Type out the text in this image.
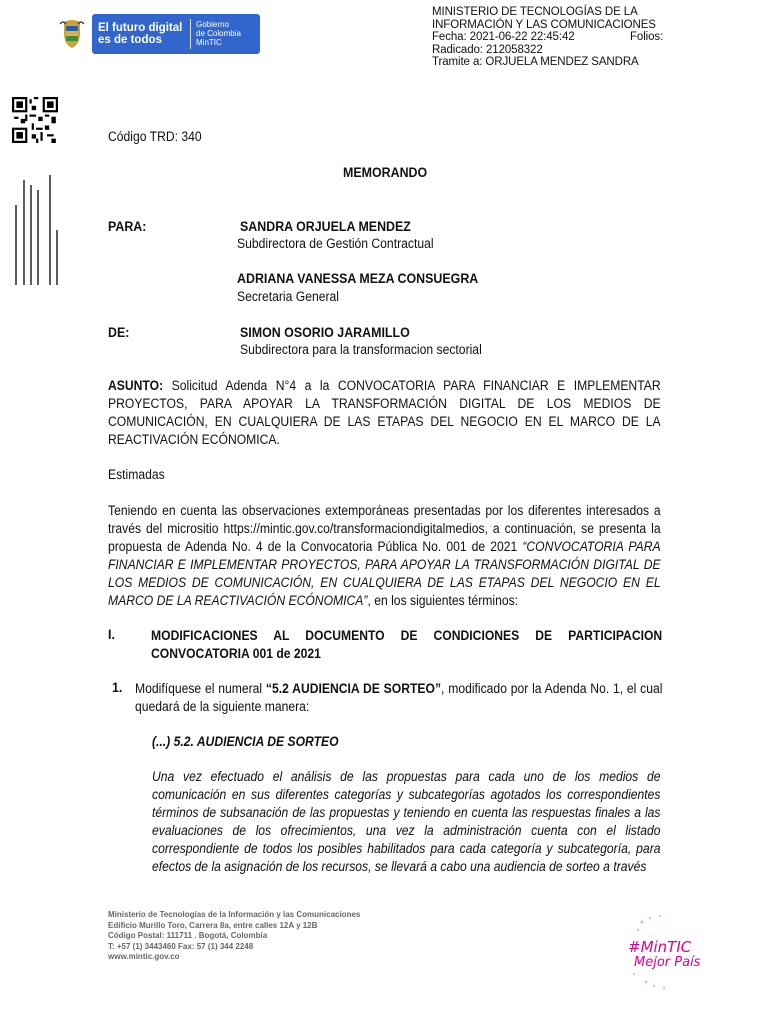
El futuro digital
es de todos
Gobierno
de Colombia
MinTIC
MINISTERIO DE TECNOLOGÍAS DE LA
INFORMACIÓN Y LAS COMUNICACIONES
Fecha: 2021-06-22 22:45:42	Folios:
Radicado: 212058322
Tramite a: ORJUELA MENDEZ SANDRA
Código TRD: 340
MEMORANDO
PARA:	SANDRA ORJUELA MENDEZ
Subdirectora de Gestión Contractual
ADRIANA VANESSA MEZA CONSUEGRA
Secretaria General
DE:	SIMON OSORIO JARAMILLO
Subdirectora para la transformacion sectorial
ASUNTO: Solicitud Adenda N°4 a la CONVOCATORIA PARA FINANCIAR E IMPLEMENTAR PROYECTOS, PARA APOYAR LA TRANSFORMACIÓN DIGITAL DE LOS MEDIOS DE COMUNICACIÓN, EN CUALQUIERA DE LAS ETAPAS DEL NEGOCIO EN EL MARCO DE LA REACTIVACIÓN ECÓNOMICA.
Estimadas
Teniendo en cuenta las observaciones extemporáneas presentadas por los diferentes interesados a través del micrositio https://mintic.gov.co/transformaciondigitalmedios, a continuación, se presenta la propuesta de Adenda No. 4 de la Convocatoria Pública No. 001 de 2021 “CONVOCATORIA PARA FINANCIAR E IMPLEMENTAR PROYECTOS, PARA APOYAR LA TRANSFORMACIÓN DIGITAL DE LOS MEDIOS DE COMUNICACIÓN, EN CUALQUIERA DE LAS ETAPAS DEL NEGOCIO EN EL MARCO DE LA REACTIVACIÓN ECÓNOMICA”, en los siguientes términos:
I.	MODIFICACIONES AL DOCUMENTO DE CONDICIONES DE PARTICIPACION CONVOCATORIA 001 de 2021
1. Modifíquese el numeral “5.2 AUDIENCIA DE SORTEO”, modificado por la Adenda No. 1, el cual quedará de la siguiente manera:
(...) 5.2. AUDIENCIA DE SORTEO
Una vez efectuado el análisis de las propuestas para cada uno de los medios de comunicación en sus diferentes categorías y subcategorías agotados los correspondientes términos de subsanación de las propuestas y teniendo en cuenta las respuestas finales a las evaluaciones de los ofrecimientos, una vez la administración cuenta con el listado correspondiente de todos los posibles habilitados para cada categoría y subcategoría, para efectos de la asignación de los recursos, se llevará a cabo una audiencia de sorteo a través
Ministerio de Tecnologías de la Información y las Comunicaciones
Edificio Murillo Toro, Carrera 8a, entre calles 12A y 12B
Código Postal: 111711 . Bogotá, Colombia
T: +57 (1) 3443460 Fax: 57 (1) 344 2248
www.mintic.gov.co
#MinTIC
Mejor País
